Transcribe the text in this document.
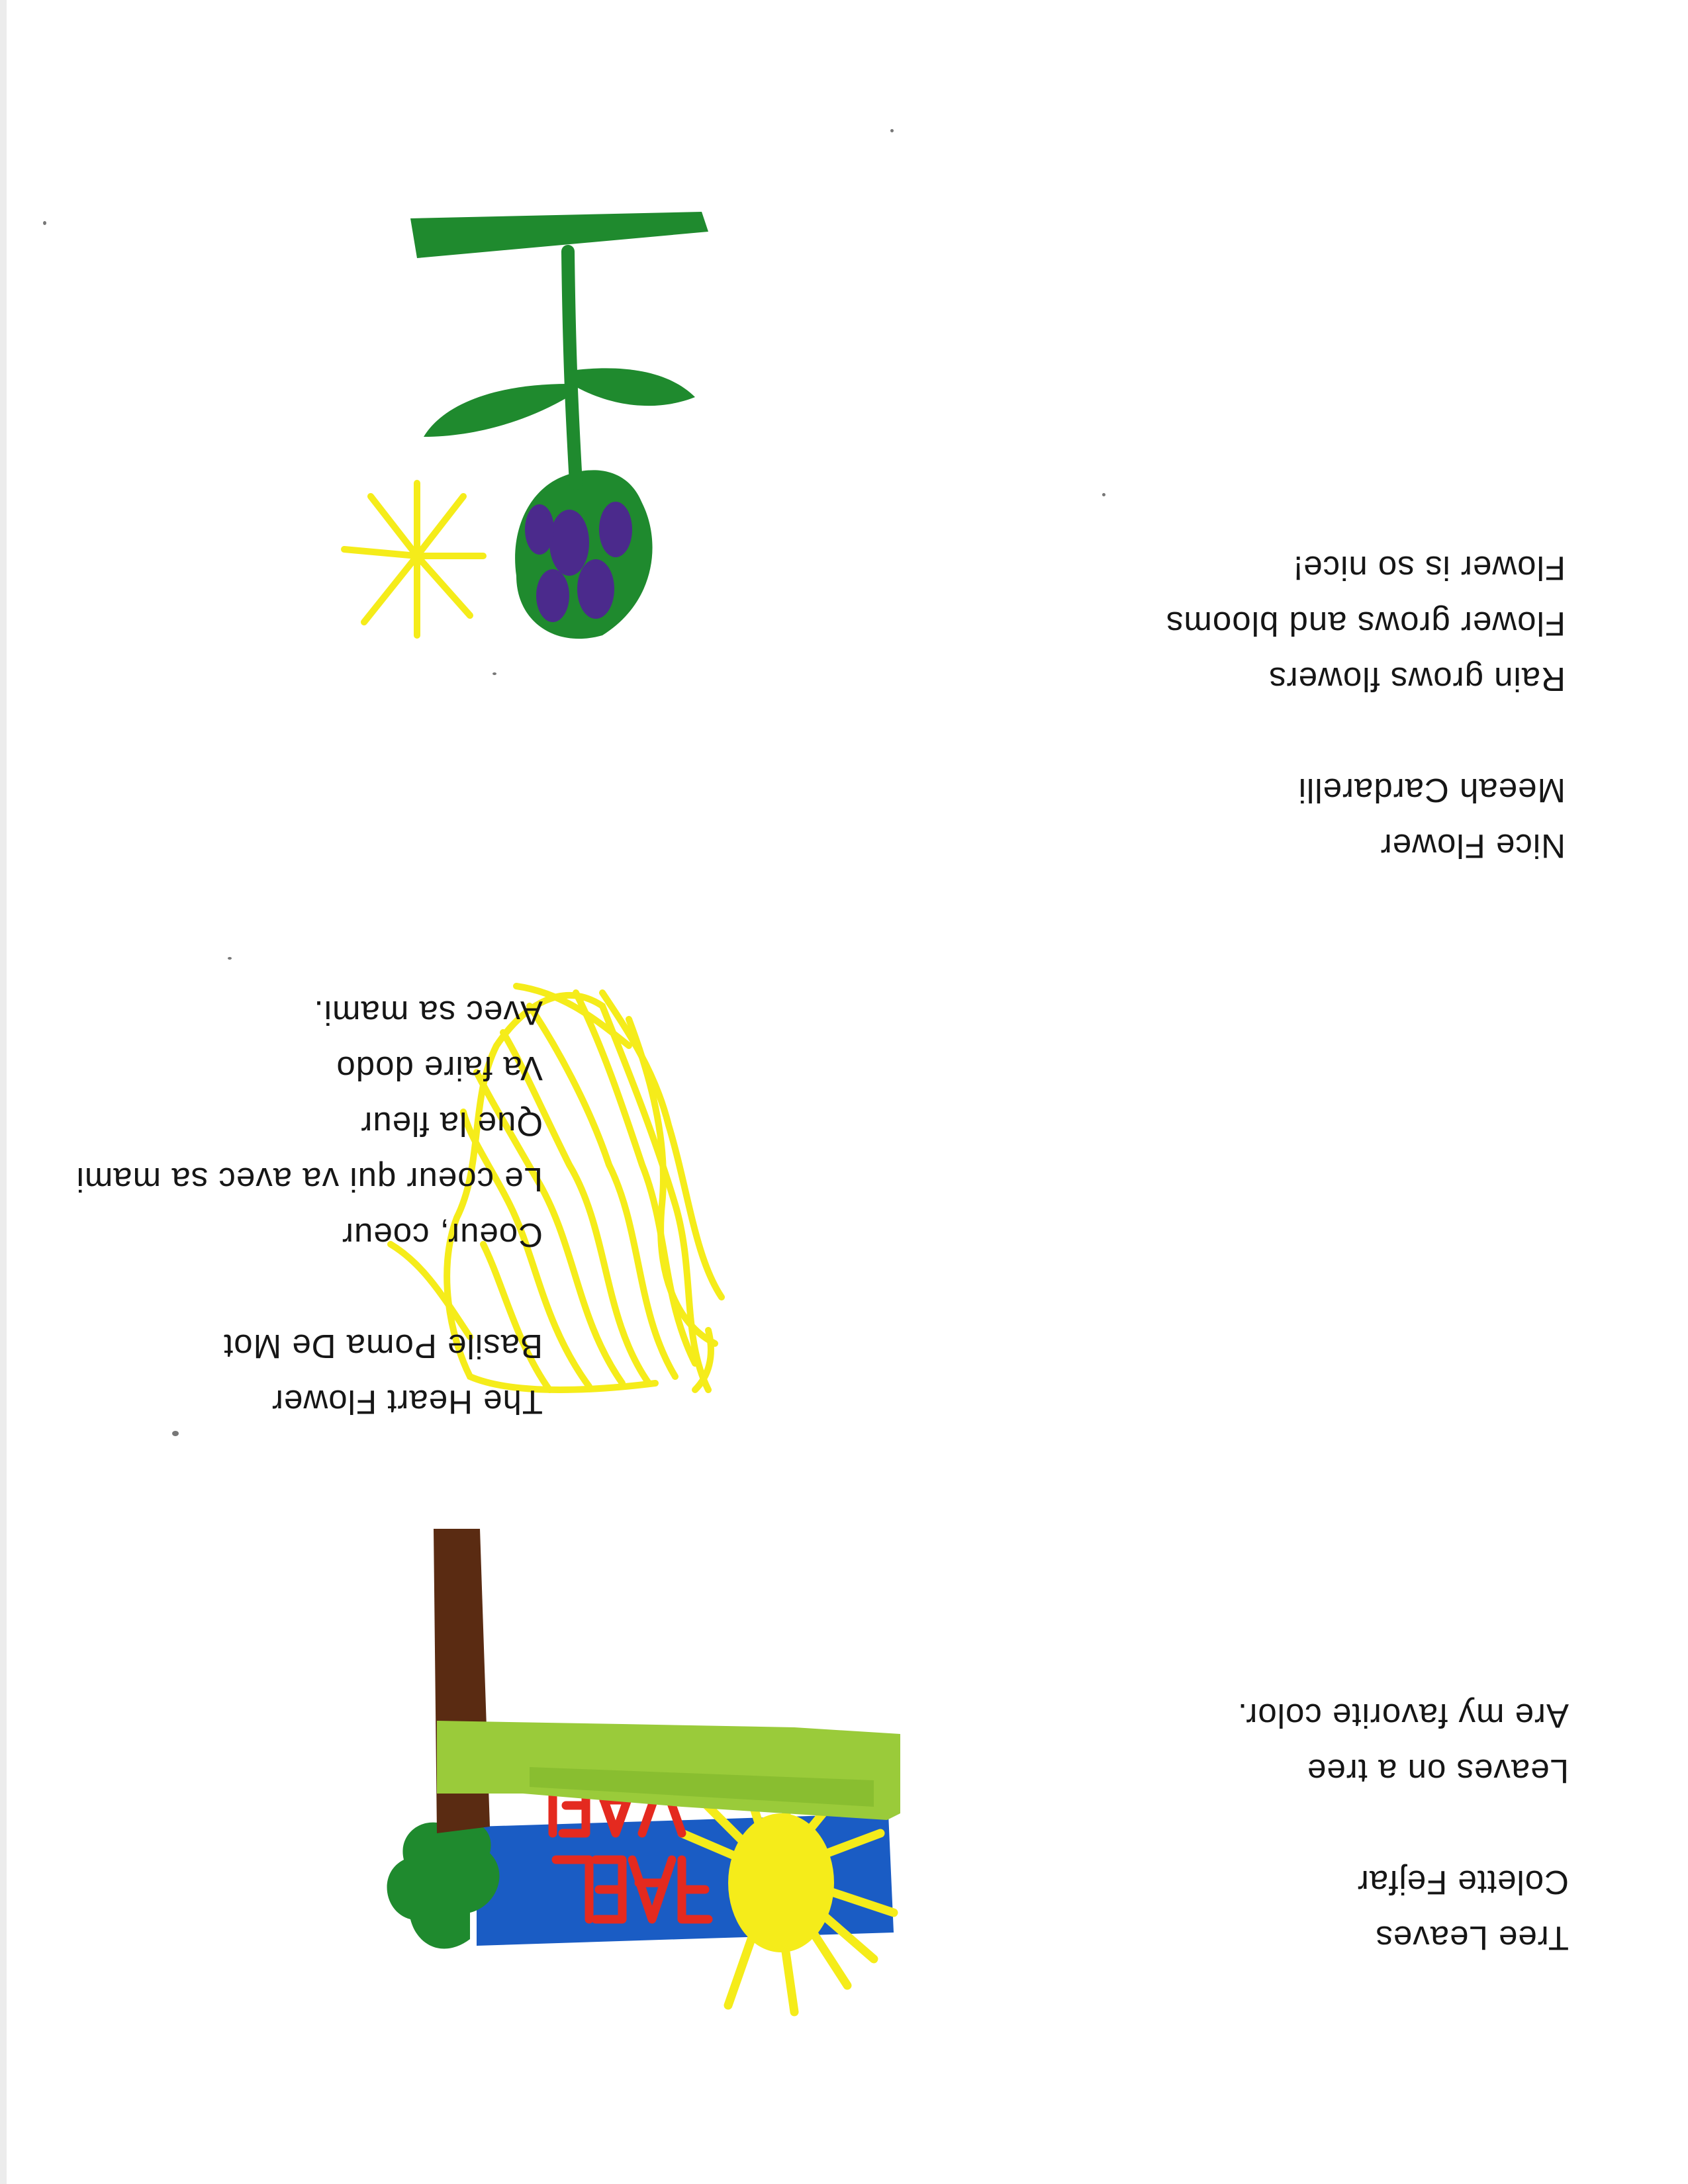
Tree Leaves
Colette Fejfar
Leaves on a tree
Are my favorite color.
Nice Flower
Meeah Cardarelli
Rain grows flowers
Flower grows and blooms
Flower is so nice!
The Heart Flower
Basile Poma De Mot
Coeur, coeur
Le coeur qui va avec sa mami
Que la fleur
Va faire dodo
Avec sa mami.
